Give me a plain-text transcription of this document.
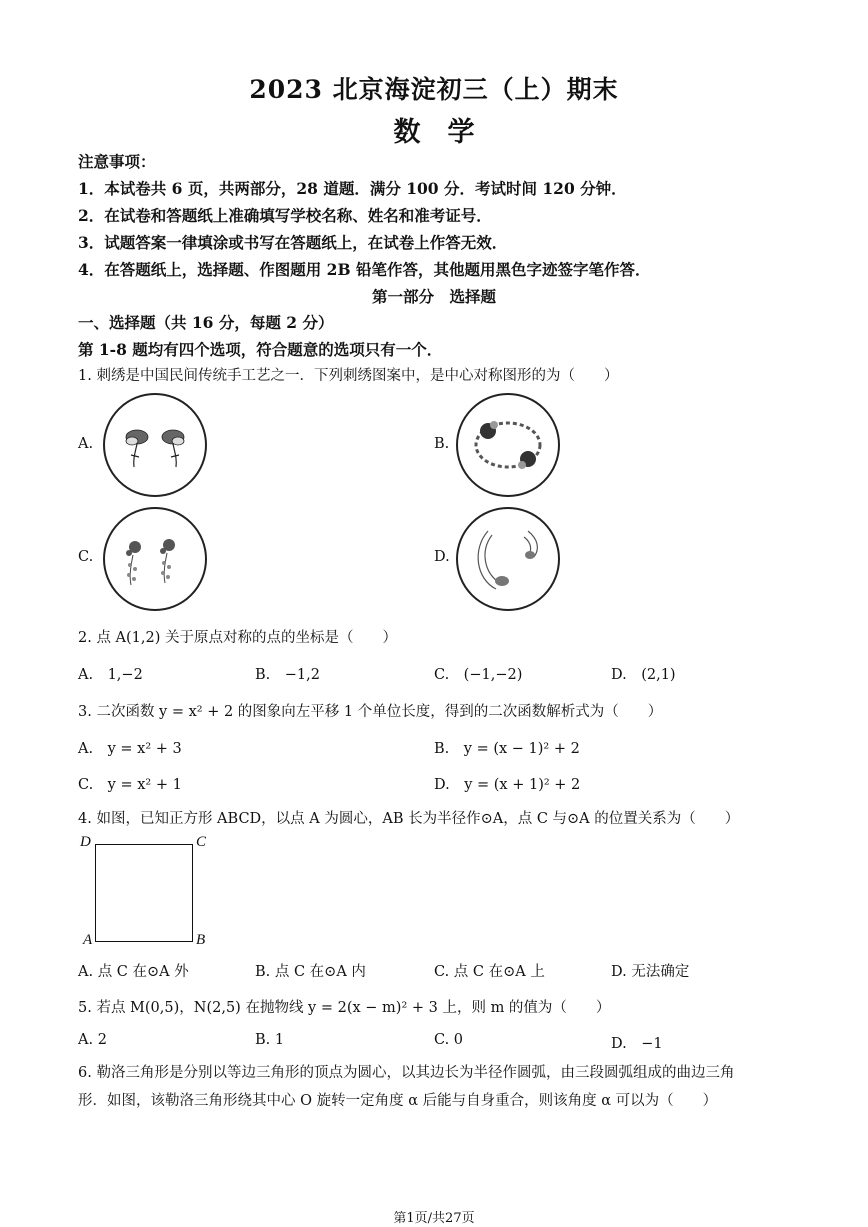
2023 北京海淀初三（上）期末
数　学
注意事项：
1．本试卷共 6 页，共两部分，28 道题．满分 100 分．考试时间 120 分钟．
2．在试卷和答题纸上准确填写学校名称、姓名和准考证号．
3．试题答案一律填涂或书写在答题纸上，在试卷上作答无效．
4．在答题纸上，选择题、作图题用 2B 铅笔作答，其他题用黑色字迹签字笔作答．
第一部分　选择题
一、选择题（共 16 分，每题 2 分）
第 1-8 题均有四个选项，符合题意的选项只有一个．
1. 刺绣是中国民间传统手工艺之一．下列刺绣图案中，是中心对称图形的为（　　）
A.	B.
C.	D.
2. 点 A(1,2) 关于原点对称的点的坐标是（　　）
A.　1,−2	B.　−1,2	C.　(−1,−2)	D.　(2,1)
3. 二次函数 y = x² + 2 的图象向左平移 1 个单位长度，得到的二次函数解析式为（　　）
A.　y = x² + 3	B.　y = (x − 1)² + 2
C.　y = x² + 1	D.　y = (x + 1)² + 2
4. 如图，已知正方形 ABCD，以点 A 为圆心，AB 长为半径作⊙A，点 C 与⊙A 的位置关系为（　　）
D	C
A	B
A. 点 C 在⊙A 外	B. 点 C 在⊙A 内	C. 点 C 在⊙A 上	D. 无法确定
5. 若点 M(0,5)，N(2,5) 在抛物线 y = 2(x − m)² + 3 上，则 m 的值为（　　）
A. 2	B. 1	C. 0	D.　−1
6. 勒洛三角形是分别以等边三角形的顶点为圆心，以其边长为半径作圆弧，由三段圆弧组成的曲边三角
形．如图，该勒洛三角形绕其中心 O 旋转一定角度 α 后能与自身重合，则该角度 α 可以为（　　）
第1页/共27页
